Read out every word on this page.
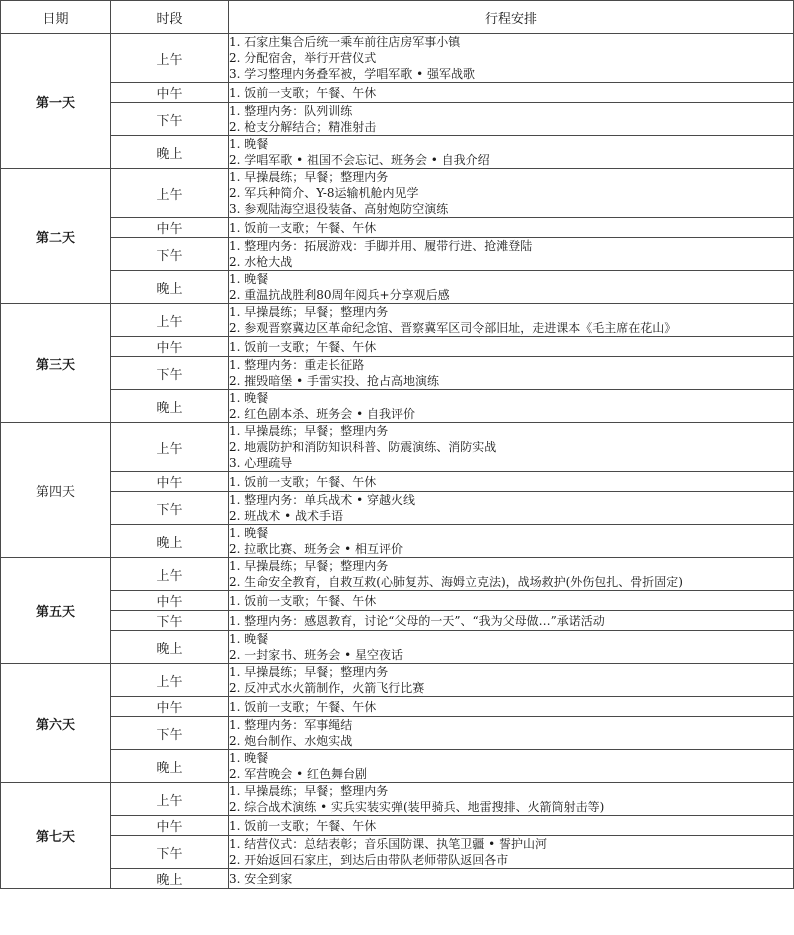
日期	时段	行程安排
第一天	上午	1. 石家庄集合后统一乘车前往店房军事小镇
2. 分配宿舍，举行开营仪式
3. 学习整理内务叠军被，学唱军歌 • 强军战歌

	中午	1. 饭前一支歌；午餐、午休

	下午	1. 整理内务：队列训练
2. 枪支分解结合；精准射击

	晚上	1. 晚餐
2. 学唱军歌 • 祖国不会忘记、班务会 • 自我介绍

第二天	上午	1. 早操晨练；早餐；整理内务
2. 军兵种简介、Y-8运输机舱内见学
3. 参观陆海空退役装备、高射炮防空演练

	中午	1. 饭前一支歌；午餐、午休

	下午	1. 整理内务：拓展游戏：手脚并用、履带行进、抢滩登陆
2. 水枪大战

	晚上	1. 晚餐
2. 重温抗战胜利80周年阅兵+分享观后感

第三天	上午	1. 早操晨练；早餐；整理内务
2. 参观晋察冀边区革命纪念馆、晋察冀军区司令部旧址，走进课本《毛主席在花山》

	中午	1. 饭前一支歌；午餐、午休

	下午	1. 整理内务：重走长征路
2. 摧毁暗堡 • 手雷实投、抢占高地演练

	晚上	1. 晚餐
2. 红色剧本杀、班务会 • 自我评价

第四天	上午	1. 早操晨练；早餐；整理内务
2. 地震防护和消防知识科普、防震演练、消防实战
3. 心理疏导

	中午	1. 饭前一支歌；午餐、午休

	下午	1. 整理内务：单兵战术 • 穿越火线
2. 班战术 • 战术手语

	晚上	1. 晚餐
2. 拉歌比赛、班务会 • 相互评价

第五天	上午	1. 早操晨练；早餐；整理内务
2. 生命安全教育，自救互救(心肺复苏、海姆立克法)，战场救护(外伤包扎、骨折固定)

	中午	1. 饭前一支歌；午餐、午休

	下午	1. 整理内务：感恩教育，讨论“父母的一天”、“我为父母做…”承诺活动

	晚上	1. 晚餐
2. 一封家书、班务会 • 星空夜话

第六天	上午	1. 早操晨练；早餐；整理内务
2. 反冲式水火箭制作，火箭飞行比赛

	中午	1. 饭前一支歌；午餐、午休

	下午	1. 整理内务：军事绳结
2. 炮台制作、水炮实战

	晚上	1. 晚餐
2. 军营晚会 • 红色舞台剧

第七天	上午	1. 早操晨练；早餐；整理内务
2. 综合战术演练 • 实兵实装实弹(装甲骑兵、地雷搜排、火箭筒射击等)

	中午	1. 饭前一支歌；午餐、午休

	下午	1. 结营仪式：总结表彰；音乐国防课、执笔卫疆 • 誓护山河
2. 开始返回石家庄，到达后由带队老师带队返回各市

	晚上	3. 安全到家
